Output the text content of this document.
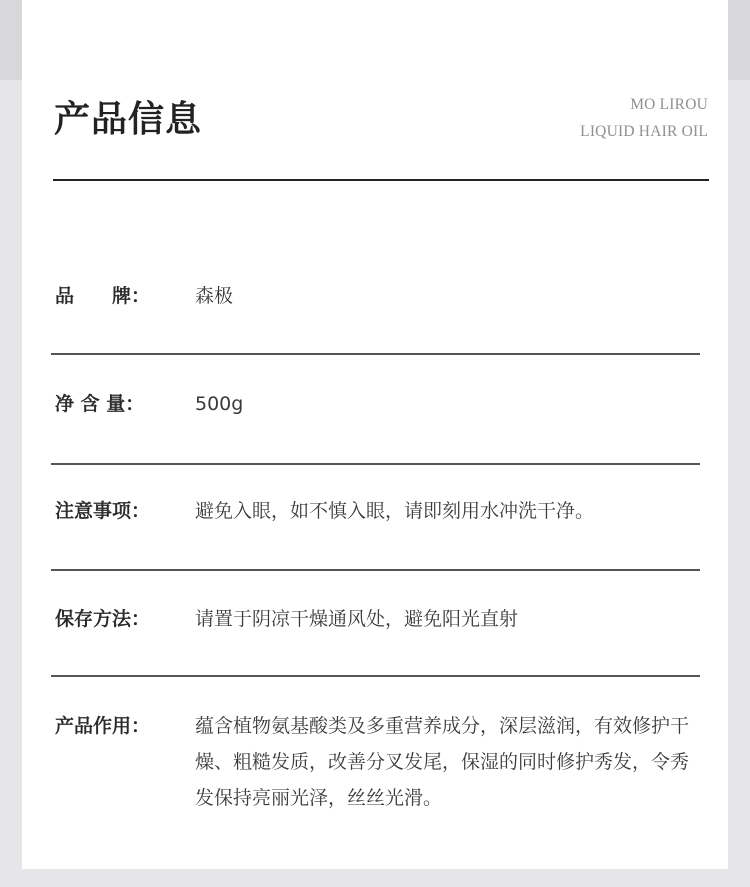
产品信息	MO LIROU
LIQUID HAIR OIL
品　　牌： 森极
净 含 量：	500g
注意事项： 避免入眼，如不慎入眼，请即刻用水冲洗干净。
保存方法： 请置于阴凉干燥通风处，避免阳光直射
产品作用： 蕴含植物氨基酸类及多重营养成分，深层滋润，有效修护干燥、粗糙发质，改善分叉发尾，保湿的同时修护秀发，令秀发保持亮丽光泽，丝丝光滑。
